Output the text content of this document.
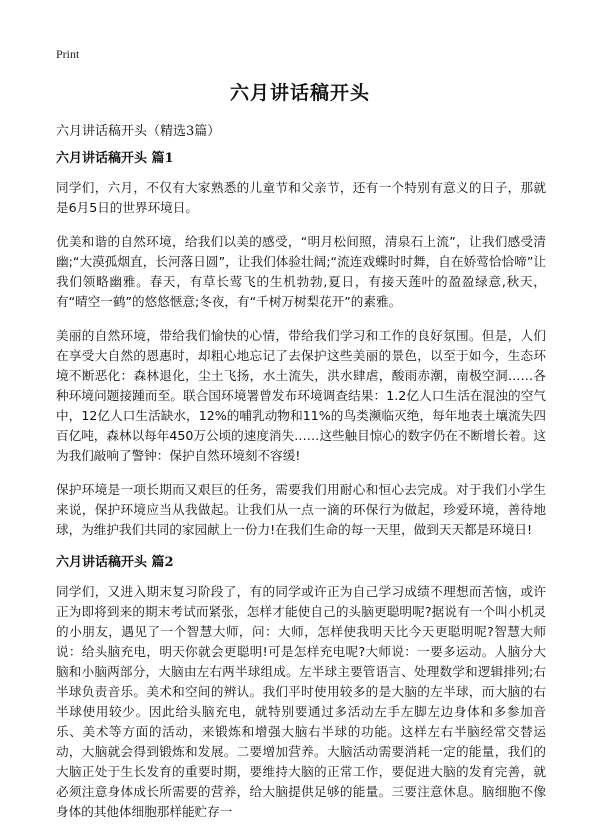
Print
六月讲话稿开头
六月讲话稿开头（精选3篇）
六月讲话稿开头 篇1

同学们，六月，不仅有大家熟悉的儿童节和父亲节，还有一个特别有意义的日子，那就是6月5日的世界环境日。

优美和谐的自然环境，给我们以美的感受，“明月松间照，清泉石上流”，让我们感受清幽;“大漠孤烟直，长河落日圆”，让我们体验壮阔;“流连戏蝶时时舞，自在娇莺恰恰啼”让我们领略幽雅。春天，有草长莺飞的生机勃勃,夏日，有接天莲叶的盈盈绿意,秋天，有“晴空一鹤”的悠悠惬意;冬夜，有“千树万树梨花开”的素雅。

美丽的自然环境，带给我们愉快的心情，带给我们学习和工作的良好氛围。但是，人们在享受大自然的恩惠时，却粗心地忘记了去保护这些美丽的景色，以至于如今，生态环境不断恶化：森林退化，尘土飞扬，水土流失，洪水肆虐，酸雨赤潮，南极空洞……各种环境问题接踵而至。联合国环境署曾发布环境调查结果：1.2亿人口生活在混浊的空气中，12亿人口生活缺水，12%的哺乳动物和11%的鸟类濒临灭绝，每年地表土壤流失四百亿吨，森林以每年450万公顷的速度消失……这些触目惊心的数字仍在不断增长着。这为我们敲响了警钟：保护自然环境刻不容缓!

保护环境是一项长期而又艰巨的任务，需要我们用耐心和恒心去完成。对于我们小学生来说，保护环境应当从我做起。让我们从一点一滴的环保行为做起，珍爱环境，善待地球，为维护我们共同的家园献上一份力!在我们生命的每一天里，做到天天都是环境日!

六月讲话稿开头 篇2

同学们，又进入期末复习阶段了，有的同学或许正为自己学习成绩不理想而苦恼，或许正为即将到来的期末考试而紧张，怎样才能使自己的头脑更聪明呢?据说有一个叫小机灵的小朋友，遇见了一个智慧大师，问：大师，怎样使我明天比今天更聪明呢?智慧大师说：给头脑充电，明天你就会更聪明!可是怎样充电呢?大师说：一要多运动。人脑分大脑和小脑两部分，大脑由左右两半球组成。左半球主要管语言、处理数学和逻辑排列;右半球负责音乐。美术和空间的辨认。我们平时使用较多的是大脑的左半球，而大脑的右半球使用较少。因此给头脑充电，就特别要通过多活动左手左脚左边身体和多参加音乐、美术等方面的活动，来锻炼和增强大脑右半球的功能。这样左右半脑经常交替运动，大脑就会得到锻炼和发展。二要增加营养。大脑活动需要消耗一定的能量，我们的大脑正处于生长发育的重要时期，要维持大脑的正常工作，要促进大脑的发育完善，就必须注意身体成长所需要的营养，给大脑提供足够的能量。三要注意休息。脑细胞不像身体的其他体细胞那样能贮存一
